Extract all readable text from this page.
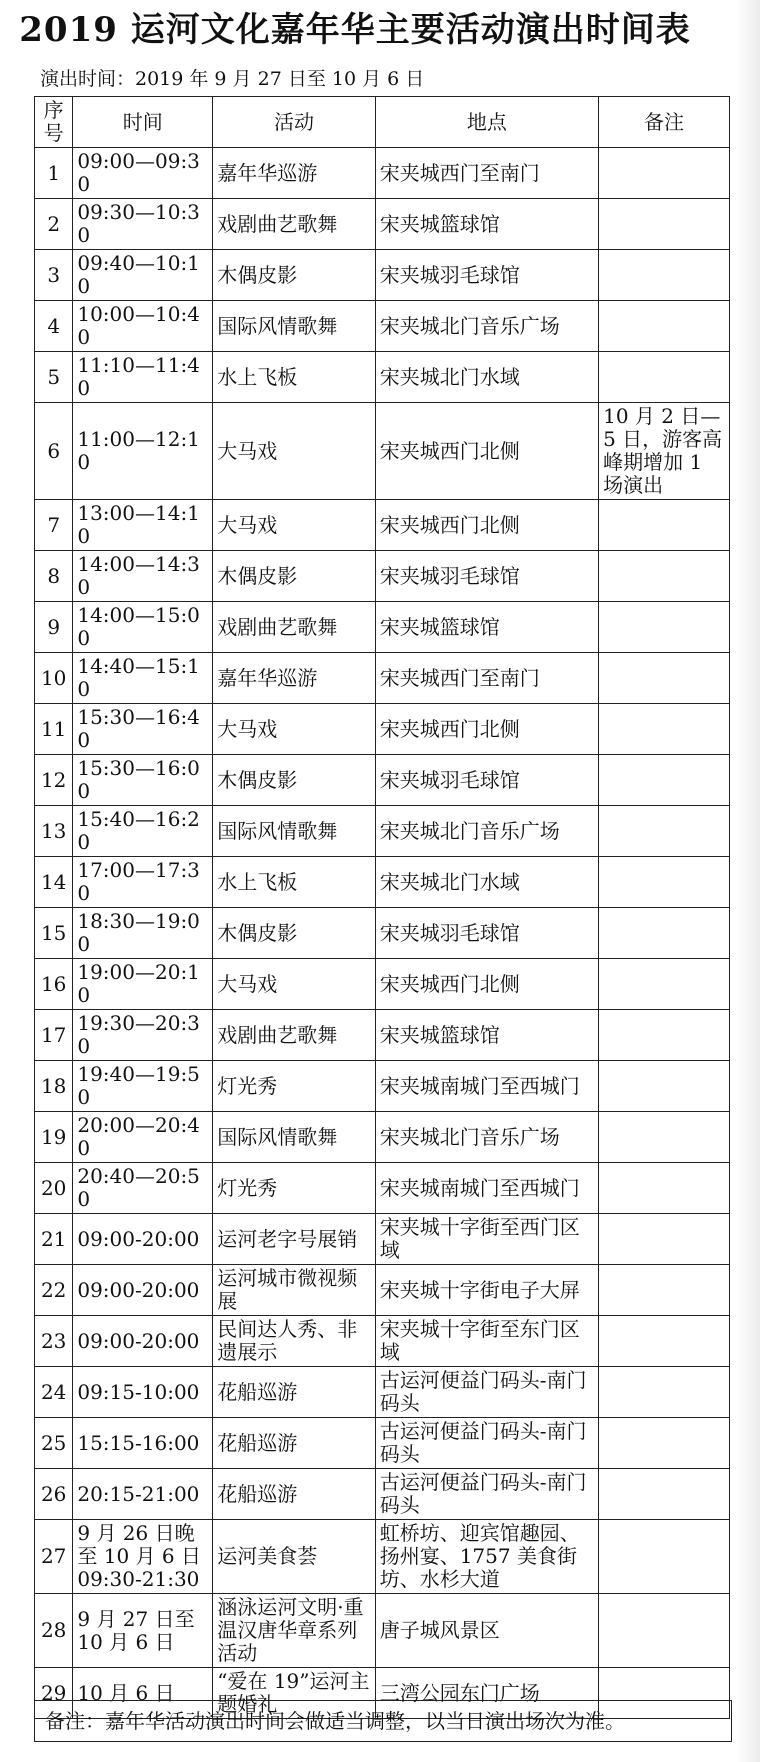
2019 运河文化嘉年华主要活动演出时间表
演出时间：2019 年 9 月 27 日至 10 月 6 日
序号	时间	活动	地点	备注
1	09:00—09:30	嘉年华巡游	宋夹城西门至南门	
2	09:30—10:30	戏剧曲艺歌舞	宋夹城篮球馆	
3	09:40—10:10	木偶皮影	宋夹城羽毛球馆	
4	10:00—10:40	国际风情歌舞	宋夹城北门音乐广场	
5	11:10—11:40	水上飞板	宋夹城北门水域	
6	11:00—12:10	大马戏	宋夹城西门北侧	10 月 2 日—5 日，游客高峰期增加 1 场演出
7	13:00—14:10	大马戏	宋夹城西门北侧	
8	14:00—14:30	木偶皮影	宋夹城羽毛球馆	
9	14:00—15:00	戏剧曲艺歌舞	宋夹城篮球馆	
10	14:40—15:10	嘉年华巡游	宋夹城西门至南门	
11	15:30—16:40	大马戏	宋夹城西门北侧	
12	15:30—16:00	木偶皮影	宋夹城羽毛球馆	
13	15:40—16:20	国际风情歌舞	宋夹城北门音乐广场	
14	17:00—17:30	水上飞板	宋夹城北门水域	
15	18:30—19:00	木偶皮影	宋夹城羽毛球馆	
16	19:00—20:10	大马戏	宋夹城西门北侧	
17	19:30—20:30	戏剧曲艺歌舞	宋夹城篮球馆	
18	19:40—19:50	灯光秀	宋夹城南城门至西城门	
19	20:00—20:40	国际风情歌舞	宋夹城北门音乐广场	
20	20:40—20:50	灯光秀	宋夹城南城门至西城门	
21	09:00-20:00	运河老字号展销	宋夹城十字街至西门区域	
22	09:00-20:00	运河城市微视频展	宋夹城十字街电子大屏	
23	09:00-20:00	民间达人秀、非遗展示	宋夹城十字街至东门区域	
24	09:15-10:00	花船巡游	古运河便益门码头-南门码头	
25	15:15-16:00	花船巡游	古运河便益门码头-南门码头	
26	20:15-21:00	花船巡游	古运河便益门码头-南门码头	
27	9 月 26 日晚至 10 月 6 日 09:30-21:30	运河美食荟	虹桥坊、迎宾馆趣园、扬州宴、1757 美食街坊、水杉大道	
28	9 月 27 日至 10 月 6 日	涵泳运河文明·重温汉唐华章系列活动	唐子城风景区	
29	10 月 6 日	“爱在 19”运河主题婚礼	三湾公园东门广场	
备注：嘉年华活动演出时间会做适当调整，以当日演出场次为准。
